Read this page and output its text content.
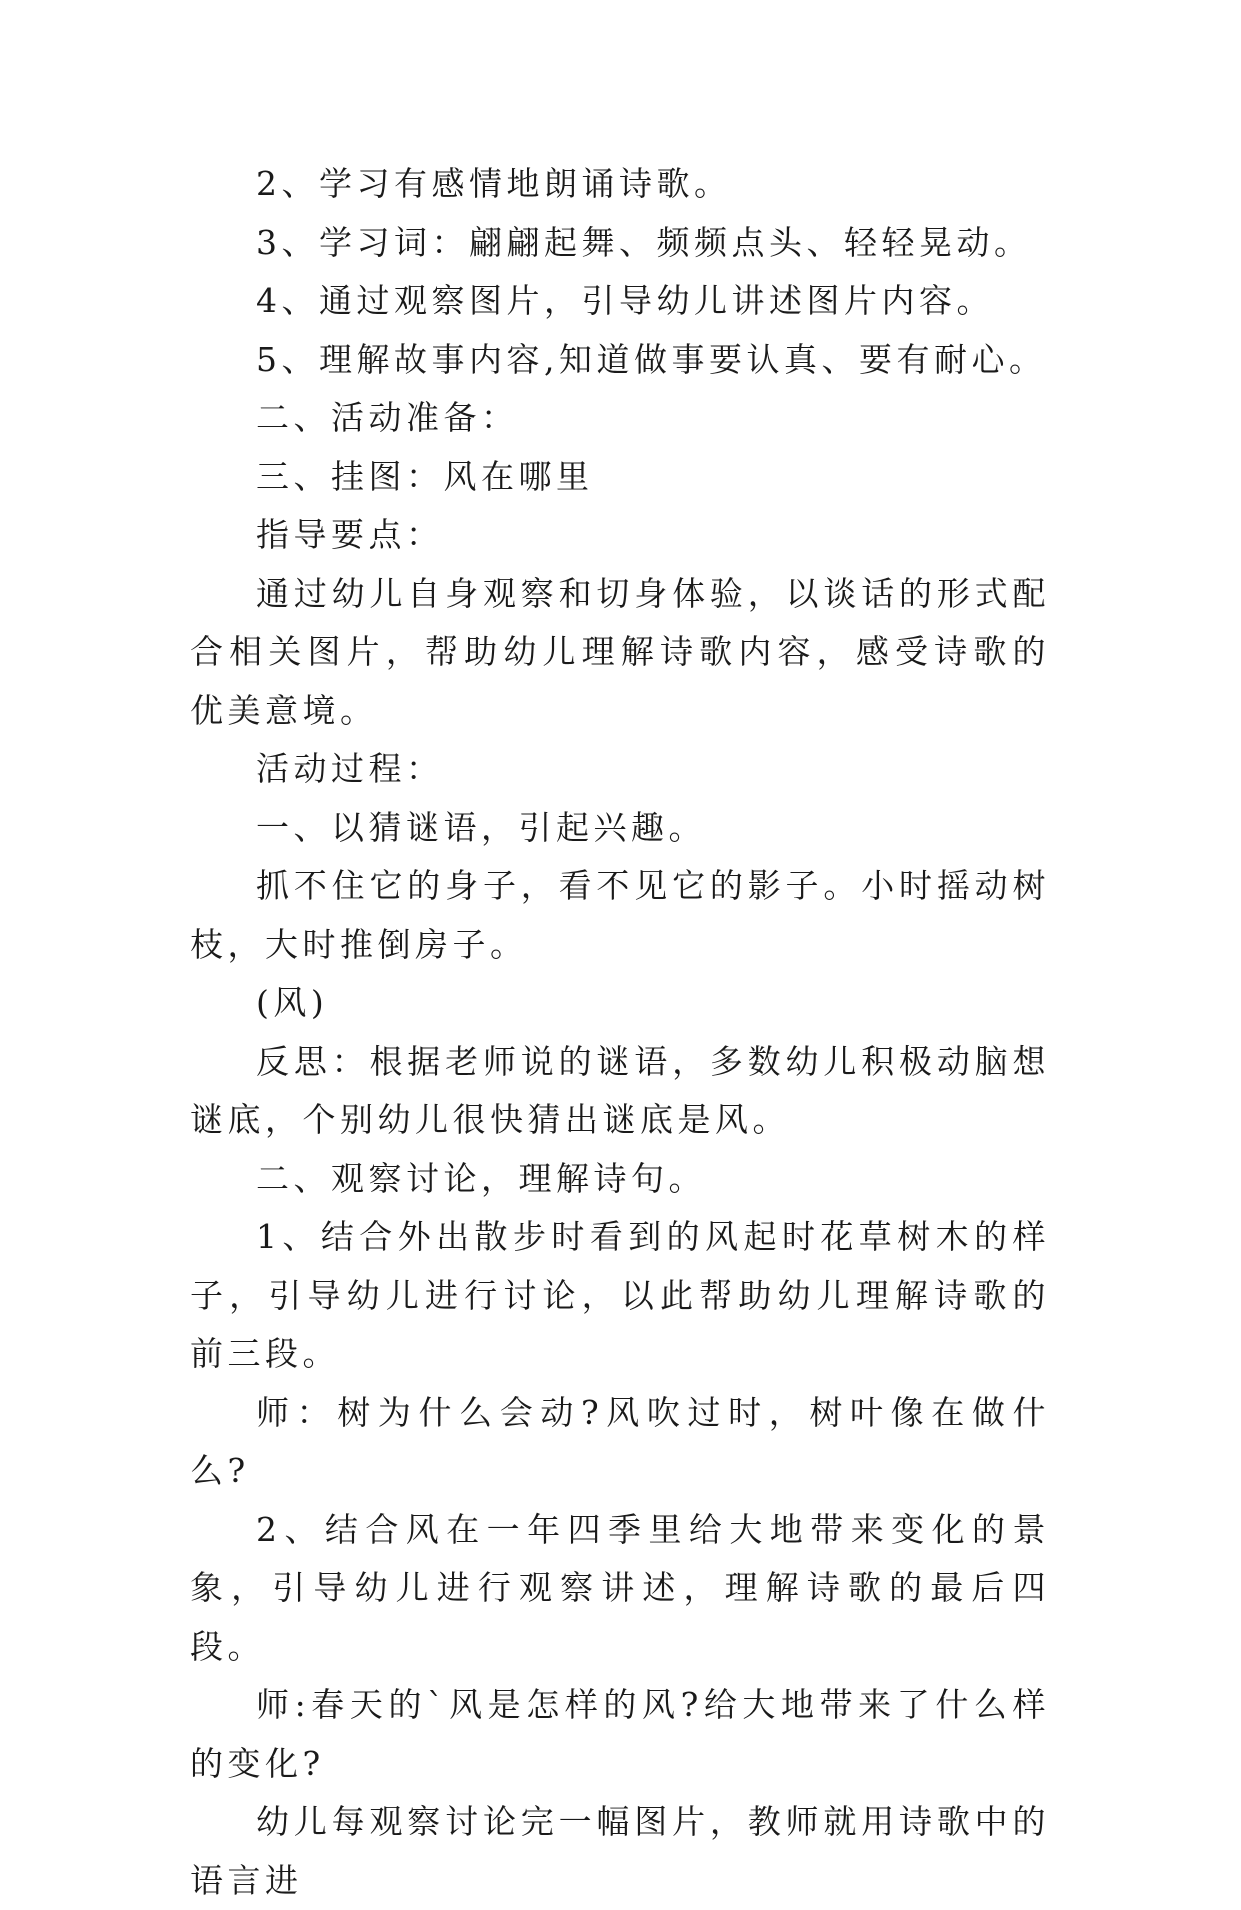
2、学习有感情地朗诵诗歌。

3、学习词：翩翩起舞、频频点头、轻轻晃动。

4、通过观察图片，引导幼儿讲述图片内容。

5、理解故事内容,知道做事要认真、要有耐心。

二、活动准备：

三、挂图：风在哪里

指导要点：

通过幼儿自身观察和切身体验，以谈话的形式配合相关图片，帮助幼儿理解诗歌内容，感受诗歌的优美意境。

活动过程：

一、以猜谜语，引起兴趣。

抓不住它的身子，看不见它的影子。小时摇动树枝，大时推倒房子。

(风)

反思：根据老师说的谜语，多数幼儿积极动脑想谜底，个别幼儿很快猜出谜底是风。

二、观察讨论，理解诗句。

1、结合外出散步时看到的风起时花草树木的样子，引导幼儿进行讨论，以此帮助幼儿理解诗歌的前三段。

师：树为什么会动?风吹过时，树叶像在做什么?

2、结合风在一年四季里给大地带来变化的景象，引导幼儿进行观察讲述，理解诗歌的最后四段。

师:春天的`风是怎样的风?给大地带来了什么样的变化?

幼儿每观察讨论完一幅图片，教师就用诗歌中的语言进
